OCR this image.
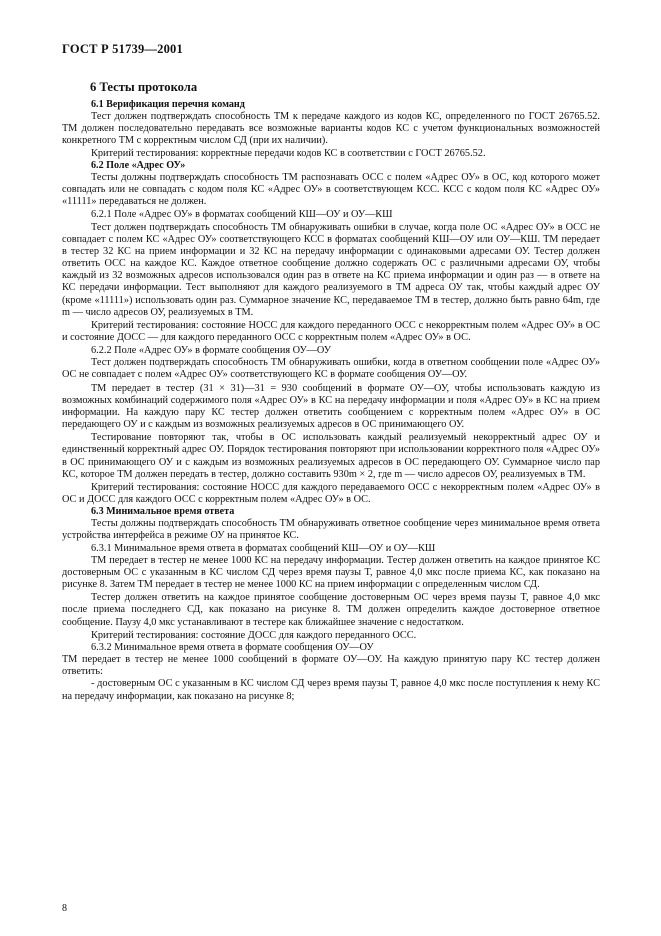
ГОСТ Р 51739—2001
6 Тесты протокола

6.1 Верификация перечня команд

Тест должен подтверждать способность ТМ к передаче каждого из кодов КС, определенного по ГОСТ 26765.52. ТМ должен последовательно передавать все возможные варианты кодов КС с учетом функциональных возможностей конкретного ТМ с корректным числом СД (при их наличии).

Критерий тестирования: корректные передачи кодов КС в соответствии с ГОСТ 26765.52.

6.2 Поле «Адрес ОУ»

Тесты должны подтверждать способность ТМ распознавать ОСС с полем «Адрес ОУ» в ОС, код которого может совпадать или не совпадать с кодом поля КС «Адрес ОУ» в соответствующем КСС. КСС с кодом поля КС «Адрес ОУ» «11111» передаваться не должен.

6.2.1 Поле «Адрес ОУ» в форматах сообщений КШ—ОУ и ОУ—КШ

Тест должен подтверждать способность ТМ обнаруживать ошибки в случае, когда поле ОС «Адрес ОУ» в ОСС не совпадает с полем КС «Адрес ОУ» соответствующего КСС в форматах сообщений КШ—ОУ или ОУ—КШ. ТМ передает в тестер 32 КС на прием информации и 32 КС на передачу информации с одинаковыми адресами ОУ. Тестер должен ответить ОСС на каждое КС. Каждое ответное сообщение должно содержать ОС с различными адресами ОУ, чтобы каждый из 32 возможных адресов использовался один раз в ответе на КС приема информации и один раз — в ответе на КС передачи информации. Тест выполняют для каждого реализуемого в ТМ адреса ОУ так, чтобы каждый адрес ОУ (кроме «11111») использовать один раз. Суммарное значение КС, передаваемое ТМ в тестер, должно быть равно 64m, где m — число адресов ОУ, реализуемых в ТМ.

Критерий тестирования: состояние НОСС для каждого переданного ОСС с некорректным полем «Адрес ОУ» в ОС и состояние ДОСС — для каждого переданного ОСС с корректным полем «Адрес ОУ» в ОС.

6.2.2 Поле «Адрес ОУ» в формате сообщения ОУ—ОУ

Тест должен подтверждать способность ТМ обнаруживать ошибки, когда в ответном сообщении поле «Адрес ОУ» ОС не совпадает с полем «Адрес ОУ» соответствующего КС в формате сообщения ОУ—ОУ.

ТМ передает в тестер (31 × 31)—31 = 930 сообщений в формате ОУ—ОУ, чтобы использовать каждую из возможных комбинаций содержимого поля «Адрес ОУ» в КС на передачу информации и поля «Адрес ОУ» в КС на прием информации. На каждую пару КС тестер должен ответить сообщением с корректным полем «Адрес ОУ» в ОС передающего ОУ и с каждым из возможных реализуемых адресов в ОС принимающего ОУ.

Тестирование повторяют так, чтобы в ОС использовать каждый реализуемый некорректный адрес ОУ и единственный корректный адрес ОУ. Порядок тестирования повторяют при использовании корректного поля «Адрес ОУ» в ОС принимающего ОУ и с каждым из возможных реализуемых адресов в ОС передающего ОУ. Суммарное число пар КС, которое ТМ должен передать в тестер, должно составить 930m × 2, где m — число адресов ОУ, реализуемых в ТМ.

Критерий тестирования: состояние НОСС для каждого передаваемого ОСС с некорректным полем «Адрес ОУ» в ОС и ДОСС для каждого ОСС с корректным полем «Адрес ОУ» в ОС.

6.3 Минимальное время ответа

Тесты должны подтверждать способность ТМ обнаруживать ответное сообщение через минимальное время ответа устройства интерфейса в режиме ОУ на принятое КС.

6.3.1 Минимальное время ответа в форматах сообщений КШ—ОУ и ОУ—КШ

ТМ передает в тестер не менее 1000 КС на передачу информации. Тестер должен ответить на каждое принятое КС достоверным ОС с указанным в КС числом СД через время паузы T, равное 4,0 мкс после приема КС, как показано на рисунке 8. Затем ТМ передает в тестер не менее 1000 КС на прием информации с определенным числом СД.

Тестер должен ответить на каждое принятое сообщение достоверным ОС через время паузы T, равное 4,0 мкс после приема последнего СД, как показано на рисунке 8. ТМ должен определить каждое достоверное ответное сообщение. Паузу 4,0 мкс устанавливают в тестере как ближайшее значение с недостатком.

Критерий тестирования: состояние ДОСС для каждого переданного ОСС.

6.3.2 Минимальное время ответа в формате сообщения ОУ—ОУ

ТМ передает в тестер не менее 1000 сообщений в формате ОУ—ОУ. На каждую принятую пару КС тестер должен ответить:

- достоверным ОС с указанным в КС числом СД через время паузы T, равное 4,0 мкс после поступления к нему КС на передачу информации, как показано на рисунке 8;

8
